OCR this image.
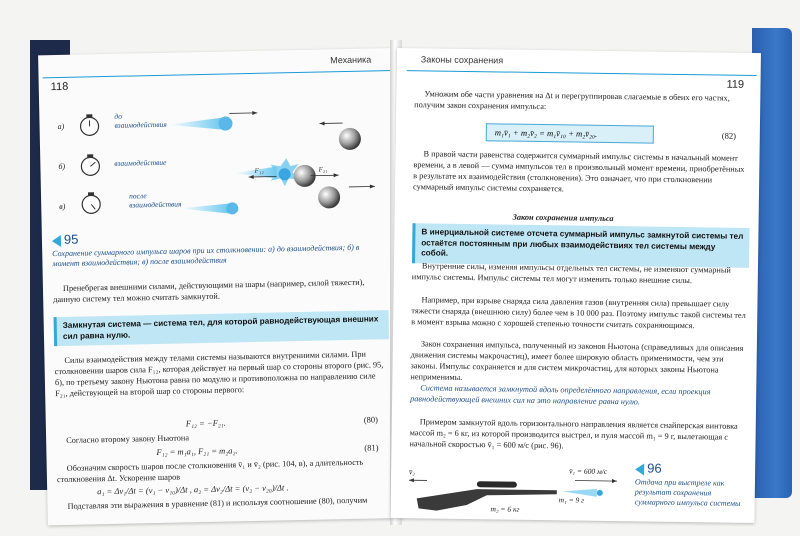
Механика
118
F₁₂	F₂₁
а)
до взаимодействия
б)	взаимодействие
в)
после взаимодействия
95
Сохранение суммарного импульса шаров при их столкновении: а) до взаимодействия; б) в момент взаимодействия; в) после взаимодействия

Пренебрегая внешними силами, действующими на шары (например, силой тяжести), данную систему тел можно считать замкнутой.

Замкнутая система — система тел, для которой равнодействующая внешних сил равна нулю.

Силы взаимодействия между телами системы называются внутренними силами. При столкновении шаров сила F₁₂, которая действует на первый шар со стороны второго (рис. 95, б), по третьему закону Ньютона равна по модулю и противоположна по направлению силе F₂₁, действующей на второй шар со стороны первого:

F₁₂ = −F₂₁.	(80)

Согласно второму закону Ньютона

F₁₂ = m₁a₁, F₂₁ = m₂a₂.	(81)

Обозначим скорость шаров после столкновения v̄₁ и v̄₂ (рис. 104, в), а длительность столкновения Δt. Ускорение шаров

a₁ = Δv₁/Δt = (v₁ − v₁₀)/Δt , a₂ = Δv₂/Δt = (v₂ − v₂₀)/Δt .

Подставляя эти выражения в уравнение (81) и используя соотношение (80), получим

Законы сохранения
119

Умножим обе части уравнения на Δt и перегруппировав слагаемые в обеих его частях, получим закон сохранения импульса:

m₁v̄₁ + m₂v̄₂ = m₁v̄₁₀ + m₂v̄₂₀.	(82)

В правой части равенства содержится суммарный импульс системы в начальный момент времени, а в левой — сумма импульсов тел в произвольный момент времени, приобретённых в результате их взаимодействия (столкновения). Это означает, что при столкновении суммарный импульс системы сохраняется.

Закон сохранения импульса
В инерциальной системе отсчета суммарный импульс замкнутой системы тел остаётся постоянным при любых взаимодействиях тел системы между собой.

Внутренние силы, изменяя импульсы отдельных тел системы, не изменяют суммарный импульс системы. Импульс системы тел могут изменить только внешние силы.

Например, при взрыве снаряда сила давления газов (внутренняя сила) превышает силу тяжести снаряда (внешнюю силу) более чем в 10 000 раз. Поэтому импульс такой системы тел в момент взрыва можно с хорошей степенью точности считать сохраняющимся.

Закон сохранения импульса, полученный из законов Ньютона (справедливых для описания движения системы макрочастиц), имеет более широкую область применимости, чем эти законы. Импульс сохраняется и для систем микрочастиц, для которых законы Ньютона неприменимы.

Система называется замкнутой вдоль определённого направления, если проекция равнодействующей внешних сил на это направление равна нулю.

Примером замкнутой вдоль горизонтального направления является снайперская винтовка массой m₂ = 6 кг, из которой производится выстрел, и пуля массой m₁ = 9 г, вылетающая с начальной скоростью v̄₁ = 600 м/с (рис. 96).

v̄₂	v̄₁ = 600 м/с
m₁ = 9 г
m₂ = 6 кг
96
Отдача при выстреле как результат сохранения суммарного импульса системы
